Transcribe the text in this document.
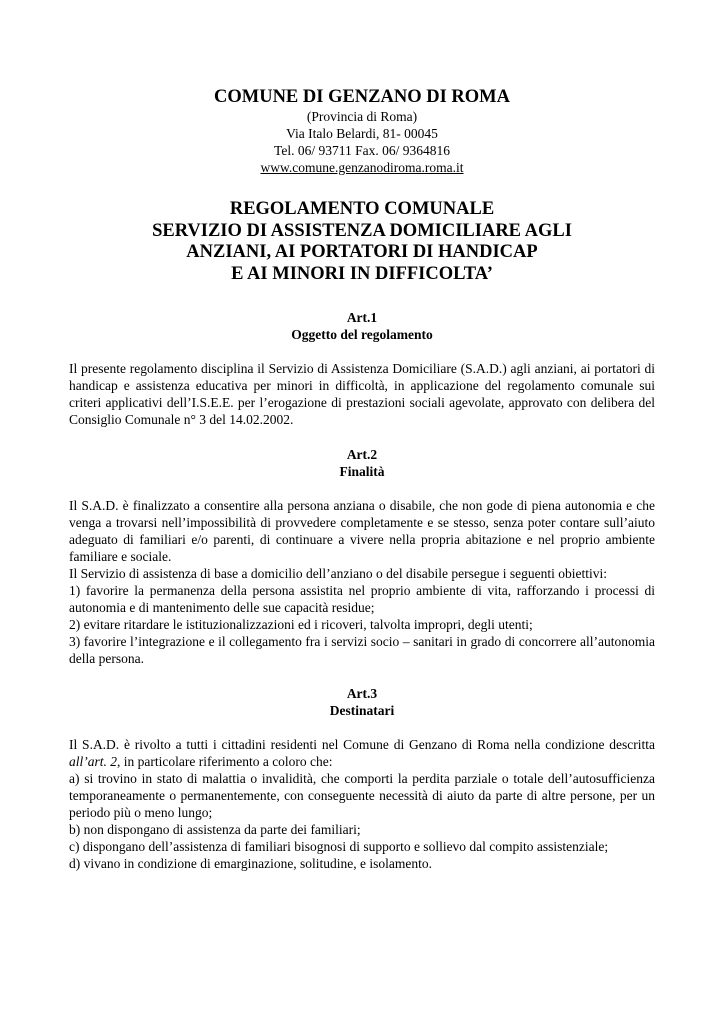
COMUNE DI GENZANO DI ROMA

(Provincia di Roma)

Via Italo Belardi, 81- 00045

Tel. 06/ 93711 Fax. 06/ 9364816

www.comune.genzanodiroma.roma.it

REGOLAMENTO COMUNALE
SERVIZIO DI ASSISTENZA DOMICILIARE AGLI
ANZIANI, AI PORTATORI DI HANDICAP
E AI MINORI IN DIFFICOLTA’
Art.1
Oggetto del regolamento

Il presente regolamento disciplina il Servizio di Assistenza Domiciliare (S.A.D.) agli anziani, ai portatori di handicap e assistenza educativa per minori in difficoltà, in applicazione del regolamento comunale sui criteri applicativi dell’I.S.E.E. per l’erogazione di prestazioni sociali agevolate, approvato con delibera del Consiglio Comunale n° 3 del 14.02.2002.

Art.2
Finalità

Il S.A.D. è finalizzato a consentire alla persona anziana o disabile, che non gode di piena autonomia e che venga a trovarsi nell’impossibilità di provvedere completamente e se stesso, senza poter contare sull’aiuto adeguato di familiari e/o parenti, di continuare a vivere nella propria abitazione e nel proprio ambiente familiare e sociale.

Il Servizio di assistenza di base a domicilio dell’anziano o del disabile persegue i seguenti obiettivi:

1) favorire la permanenza della persona assistita nel proprio ambiente di vita, rafforzando i processi di autonomia e di mantenimento delle sue capacità residue;

2) evitare ritardare le istituzionalizzazioni ed i ricoveri, talvolta impropri, degli utenti;

3) favorire l’integrazione e il collegamento fra i servizi socio – sanitari in grado di concorrere all’autonomia della persona.

Art.3
Destinatari

Il S.A.D. è rivolto a tutti i cittadini residenti nel Comune di Genzano di Roma nella condizione descritta all’art. 2, in particolare riferimento a coloro che:

a) si trovino in stato di malattia o invalidità, che comporti la perdita parziale o totale dell’autosufficienza temporaneamente o permanentemente, con conseguente necessità di aiuto da parte di altre persone, per un periodo più o meno lungo;

b) non dispongano di assistenza da parte dei familiari;

c) dispongano dell’assistenza di familiari bisognosi di supporto e sollievo dal compito assistenziale;

d) vivano in condizione di emarginazione, solitudine, e isolamento.
